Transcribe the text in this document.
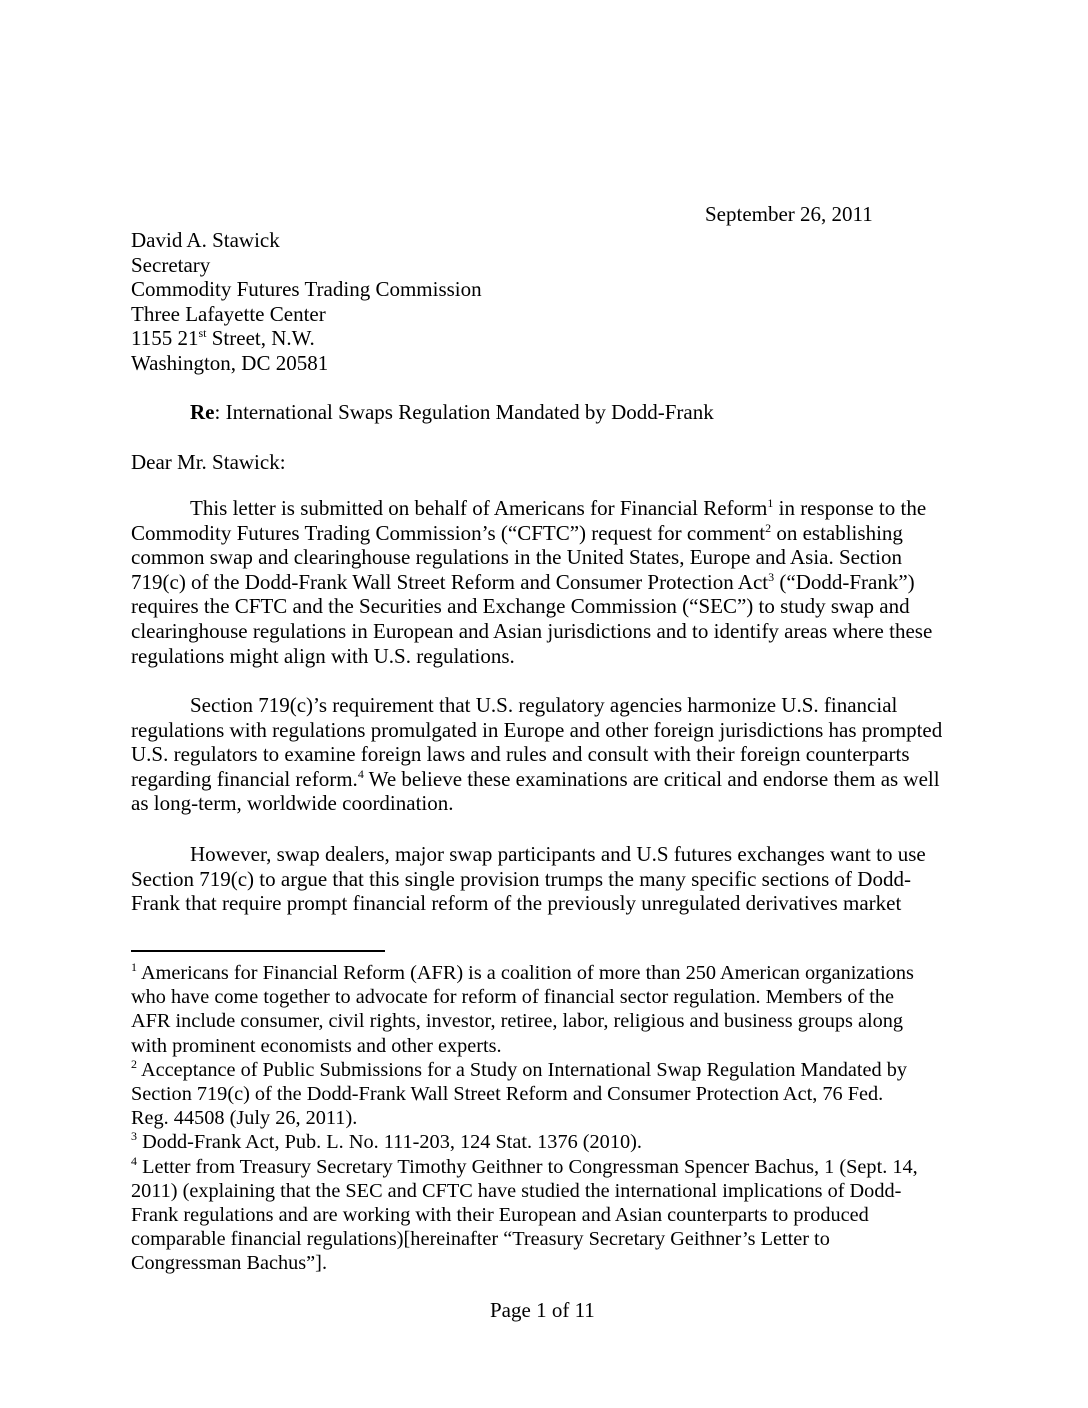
September 26, 2011
David A. Stawick
Secretary
Commodity Futures Trading Commission
Three Lafayette Center
1155 21st Street, N.W.
Washington, DC 20581
Re: International Swaps Regulation Mandated by Dodd-Frank
Dear Mr. Stawick:
This letter is submitted on behalf of Americans for Financial Reform$^1$ in response to the
Commodity Futures Trading Commission’s (“CFTC”) request for comment$^2$ on establishing
common swap and clearinghouse regulations in the United States, Europe and Asia. Section
719(c) of the Dodd-Frank Wall Street Reform and Consumer Protection Act$^3$ (“Dodd-Frank”)
requires the CFTC and the Securities and Exchange Commission (“SEC”) to study swap and
clearinghouse regulations in European and Asian jurisdictions and to identify areas where these
regulations might align with U.S. regulations.
Section 719(c)’s requirement that U.S. regulatory agencies harmonize U.S. financial
regulations with regulations promulgated in Europe and other foreign jurisdictions has prompted
U.S. regulators to examine foreign laws and rules and consult with their foreign counterparts
regarding financial reform.$^4$ We believe these examinations are critical and endorse them as well
as long-term, worldwide coordination.
However, swap dealers, major swap participants and U.S futures exchanges want to use
Section 719(c) to argue that this single provision trumps the many specific sections of Dodd-
Frank that require prompt financial reform of the previously unregulated derivatives market
$^1$ Americans for Financial Reform (AFR) is a coalition of more than 250 American organizations
who have come together to advocate for reform of financial sector regulation. Members of the
AFR include consumer, civil rights, investor, retiree, labor, religious and business groups along
with prominent economists and other experts.
$^2$ Acceptance of Public Submissions for a Study on International Swap Regulation Mandated by
Section 719(c) of the Dodd-Frank Wall Street Reform and Consumer Protection Act, 76 Fed.
Reg. 44508 (July 26, 2011).
$^3$ Dodd-Frank Act, Pub. L. No. 111-203, 124 Stat. 1376 (2010).
$^4$ Letter from Treasury Secretary Timothy Geithner to Congressman Spencer Bachus, 1 (Sept. 14,
2011) (explaining that the SEC and CFTC have studied the international implications of Dodd-
Frank regulations and are working with their European and Asian counterparts to produced
comparable financial regulations)[hereinafter “Treasury Secretary Geithner’s Letter to
Congressman Bachus”].
Page 1 of 11
